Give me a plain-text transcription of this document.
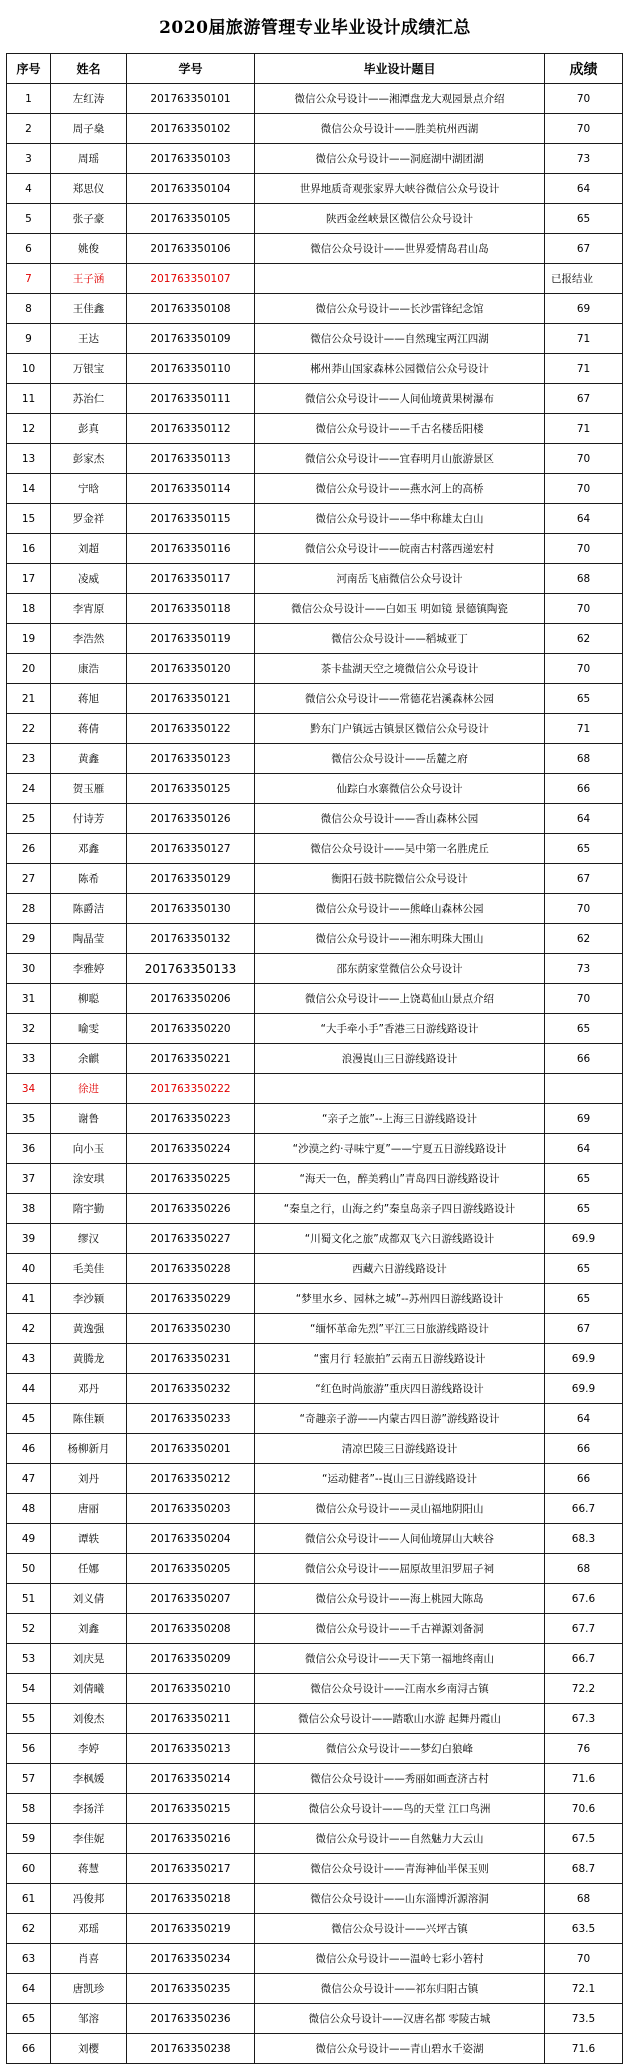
2020届旅游管理专业毕业设计成绩汇总
序号	姓名	学号	毕业设计题目	成绩
1	左红涛	201763350101	微信公众号设计——湘潭盘龙大观园景点介绍	70
2	周子燊	201763350102	微信公众号设计——胜美杭州西湖	70
3	周瑶	201763350103	微信公众号设计——洞庭湖中湖团湖	73
4	郑思仪	201763350104	世界地质奇观张家界大峡谷微信公众号设计	64
5	张子豪	201763350105	陕西金丝峡景区微信公众号设计	65
6	姚俊	201763350106	微信公众号设计——世界爱情岛君山岛	67
7	王子涵	201763350107		已报结业
8	王佳鑫	201763350108	微信公众号设计——长沙雷锋纪念馆	69
9	王达	201763350109	微信公众号设计——自然瑰宝两江四湖	71
10	万银宝	201763350110	郴州莽山国家森林公园微信公众号设计	71
11	苏治仁	201763350111	微信公众号设计——人间仙境黄果树瀑布	67
12	彭真	201763350112	微信公众号设计——千古名楼岳阳楼	71
13	彭家杰	201763350113	微信公众号设计——宜春明月山旅游景区	70
14	宁晗	201763350114	微信公众号设计——燕水河上的高桥	70
15	罗金祥	201763350115	微信公众号设计——华中称雄太白山	64
16	刘超	201763350116	微信公众号设计——皖南古村落西递宏村	70
17	凌威	201763350117	河南岳飞庙微信公众号设计	68
18	李宵原	201763350118	微信公众号设计——白如玉 明如镜 景德镇陶瓷	70
19	李浩然	201763350119	微信公众号设计——稻城亚丁	62
20	康浩	201763350120	茶卡盐湖天空之境微信公众号设计	70
21	蒋旭	201763350121	微信公众号设计——常德花岩溪森林公园	65
22	蒋倩	201763350122	黔东门户镇远古镇景区微信公众号设计	71
23	黄鑫	201763350123	微信公众号设计——岳麓之府	68
24	贺玉雁	201763350125	仙踪白水寨微信公众号设计	66
25	付诗芳	201763350126	微信公众号设计——香山森林公园	64
26	邓鑫	201763350127	微信公众号设计——吴中第一名胜虎丘	65
27	陈希	201763350129	衡阳石鼓书院微信公众号设计	67
28	陈爵洁	201763350130	微信公众号设计——熊峰山森林公园	70
29	陶晶莹	201763350132	微信公众号设计——湘东明珠大围山	62
30	李雅婷	201763350133	邵东荫家堂微信公众号设计	73
31	柳聪	201763350206	微信公众号设计——上饶葛仙山景点介绍	70
32	喻雯	201763350220	“大手牵小手”香港三日游线路设计	65
33	余麒	201763350221	浪漫崀山三日游线路设计	66
34	徐进	201763350222		
35	谢鲁	201763350223	“亲子之旅”--上海三日游线路设计	69
36	向小玉	201763350224	“沙漠之约·寻味宁夏”——宁夏五日游线路设计	64
37	涂安琪	201763350225	“海天一色，醉美鸦山”青岛四日游线路设计	65
38	隋宇勤	201763350226	“秦皇之行，山海之约”秦皇岛亲子四日游线路设计	65
39	缪汉	201763350227	“川蜀文化之旅”成都双飞六日游线路设计	69.9
40	毛美佳	201763350228	西藏六日游线路设计	65
41	李沙颍	201763350229	“梦里水乡、园林之城”--苏州四日游线路设计	65
42	黄逸强	201763350230	“缅怀革命先烈”平江三日旅游线路设计	67
43	黄腾龙	201763350231	“蜜月行 轻旅拍”云南五日游线路设计	69.9
44	邓丹	201763350232	“红色时尚旅游”重庆四日游线路设计	69.9
45	陈佳颖	201763350233	“奇趣亲子游——内蒙古四日游”游线路设计	64
46	杨柳新月	201763350201	清凉巴陵三日游线路设计	66
47	刘丹	201763350212	“运动健者”--崀山三日游线路设计	66
48	唐丽	201763350203	微信公众号设计——灵山福地阴阳山	66.7
49	谭轶	201763350204	微信公众号设计——人间仙境屏山大峡谷	68.3
50	任娜	201763350205	微信公众号设计——屈原故里汨罗屈子祠	68
51	刘义倩	201763350207	微信公众号设计——海上桃园大陈岛	67.6
52	刘鑫	201763350208	微信公众号设计——千古禅源刘备洞	67.7
53	刘庆晃	201763350209	微信公众号设计——天下第一福地终南山	66.7
54	刘倩曦	201763350210	微信公众号设计——江南水乡南浔古镇	72.2
55	刘俊杰	201763350211	微信公众号设计——踏歌山水游 起舞丹霞山	67.3
56	李婷	201763350213	微信公众号设计——梦幻白狼峰	76
57	李枫媛	201763350214	微信公众号设计——秀丽如画查济古村	71.6
58	李扬洋	201763350215	微信公众号设计——鸟的天堂 江口鸟洲	70.6
59	李佳妮	201763350216	微信公众号设计——自然魅力大云山	67.5
60	蒋慧	201763350217	微信公众号设计——青海神仙半保玉则	68.7
61	冯俊邦	201763350218	微信公众号设计——山东淄博沂源溶洞	68
62	邓瑶	201763350219	微信公众号设计——兴坪古镇	63.5
63	肖喜	201763350234	微信公众号设计——温岭七彩小箬村	70
64	唐凯珍	201763350235	微信公众号设计——祁东归阳古镇	72.1
65	邹溶	201763350236	微信公众号设计——汉唐名都 零陵古城	73.5
66	刘樱	201763350238	微信公众号设计——青山碧水千姿湖	71.6
